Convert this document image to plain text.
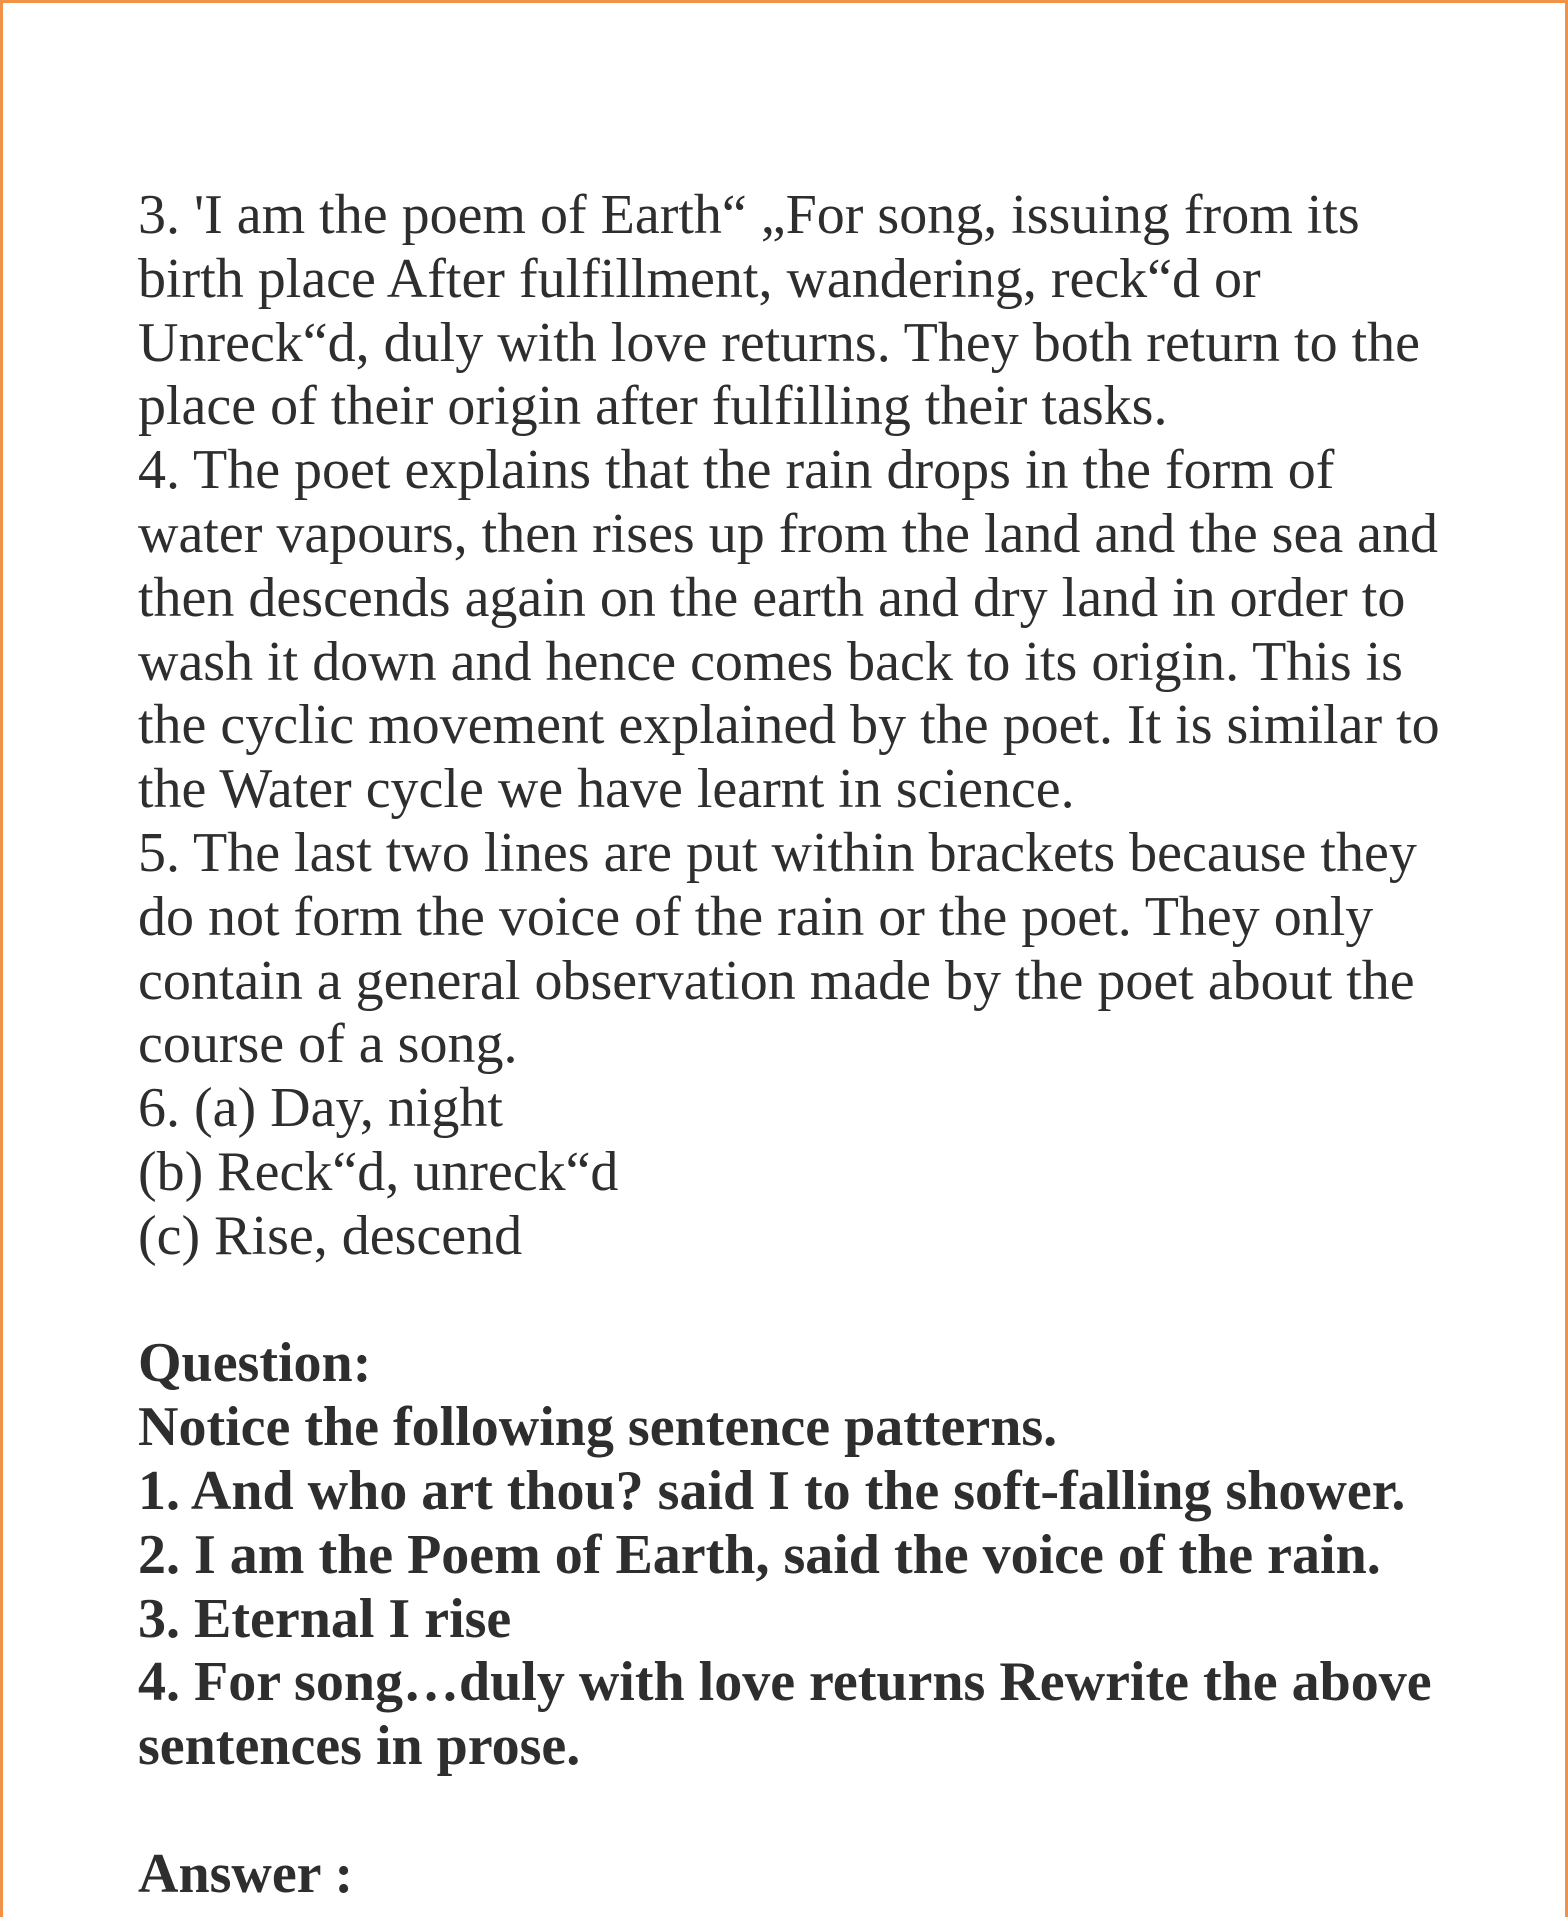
3. 'I am the poem of Earth“ „For song, issuing from its
birth place After fulfillment, wandering, reck“d or
Unreck“d, duly with love returns. They both return to the
place of their origin after fulfilling their tasks.
4. The poet explains that the rain drops in the form of
water vapours, then rises up from the land and the sea and
then descends again on the earth and dry land in order to
wash it down and hence comes back to its origin. This is
the cyclic movement explained by the poet. It is similar to
the Water cycle we have learnt in science.
5. The last two lines are put within brackets because they
do not form the voice of the rain or the poet. They only
contain a general observation made by the poet about the
course of a song.
6. (a) Day, night
(b) Reck“d, unreck“d
(c) Rise, descend
Question:
Notice the following sentence patterns.
1. And who art thou? said I to the soft-falling shower.
2. I am the Poem of Earth, said the voice of the rain.
3. Eternal I rise
4. For song…duly with love returns Rewrite the above
sentences in prose.
Answer :
